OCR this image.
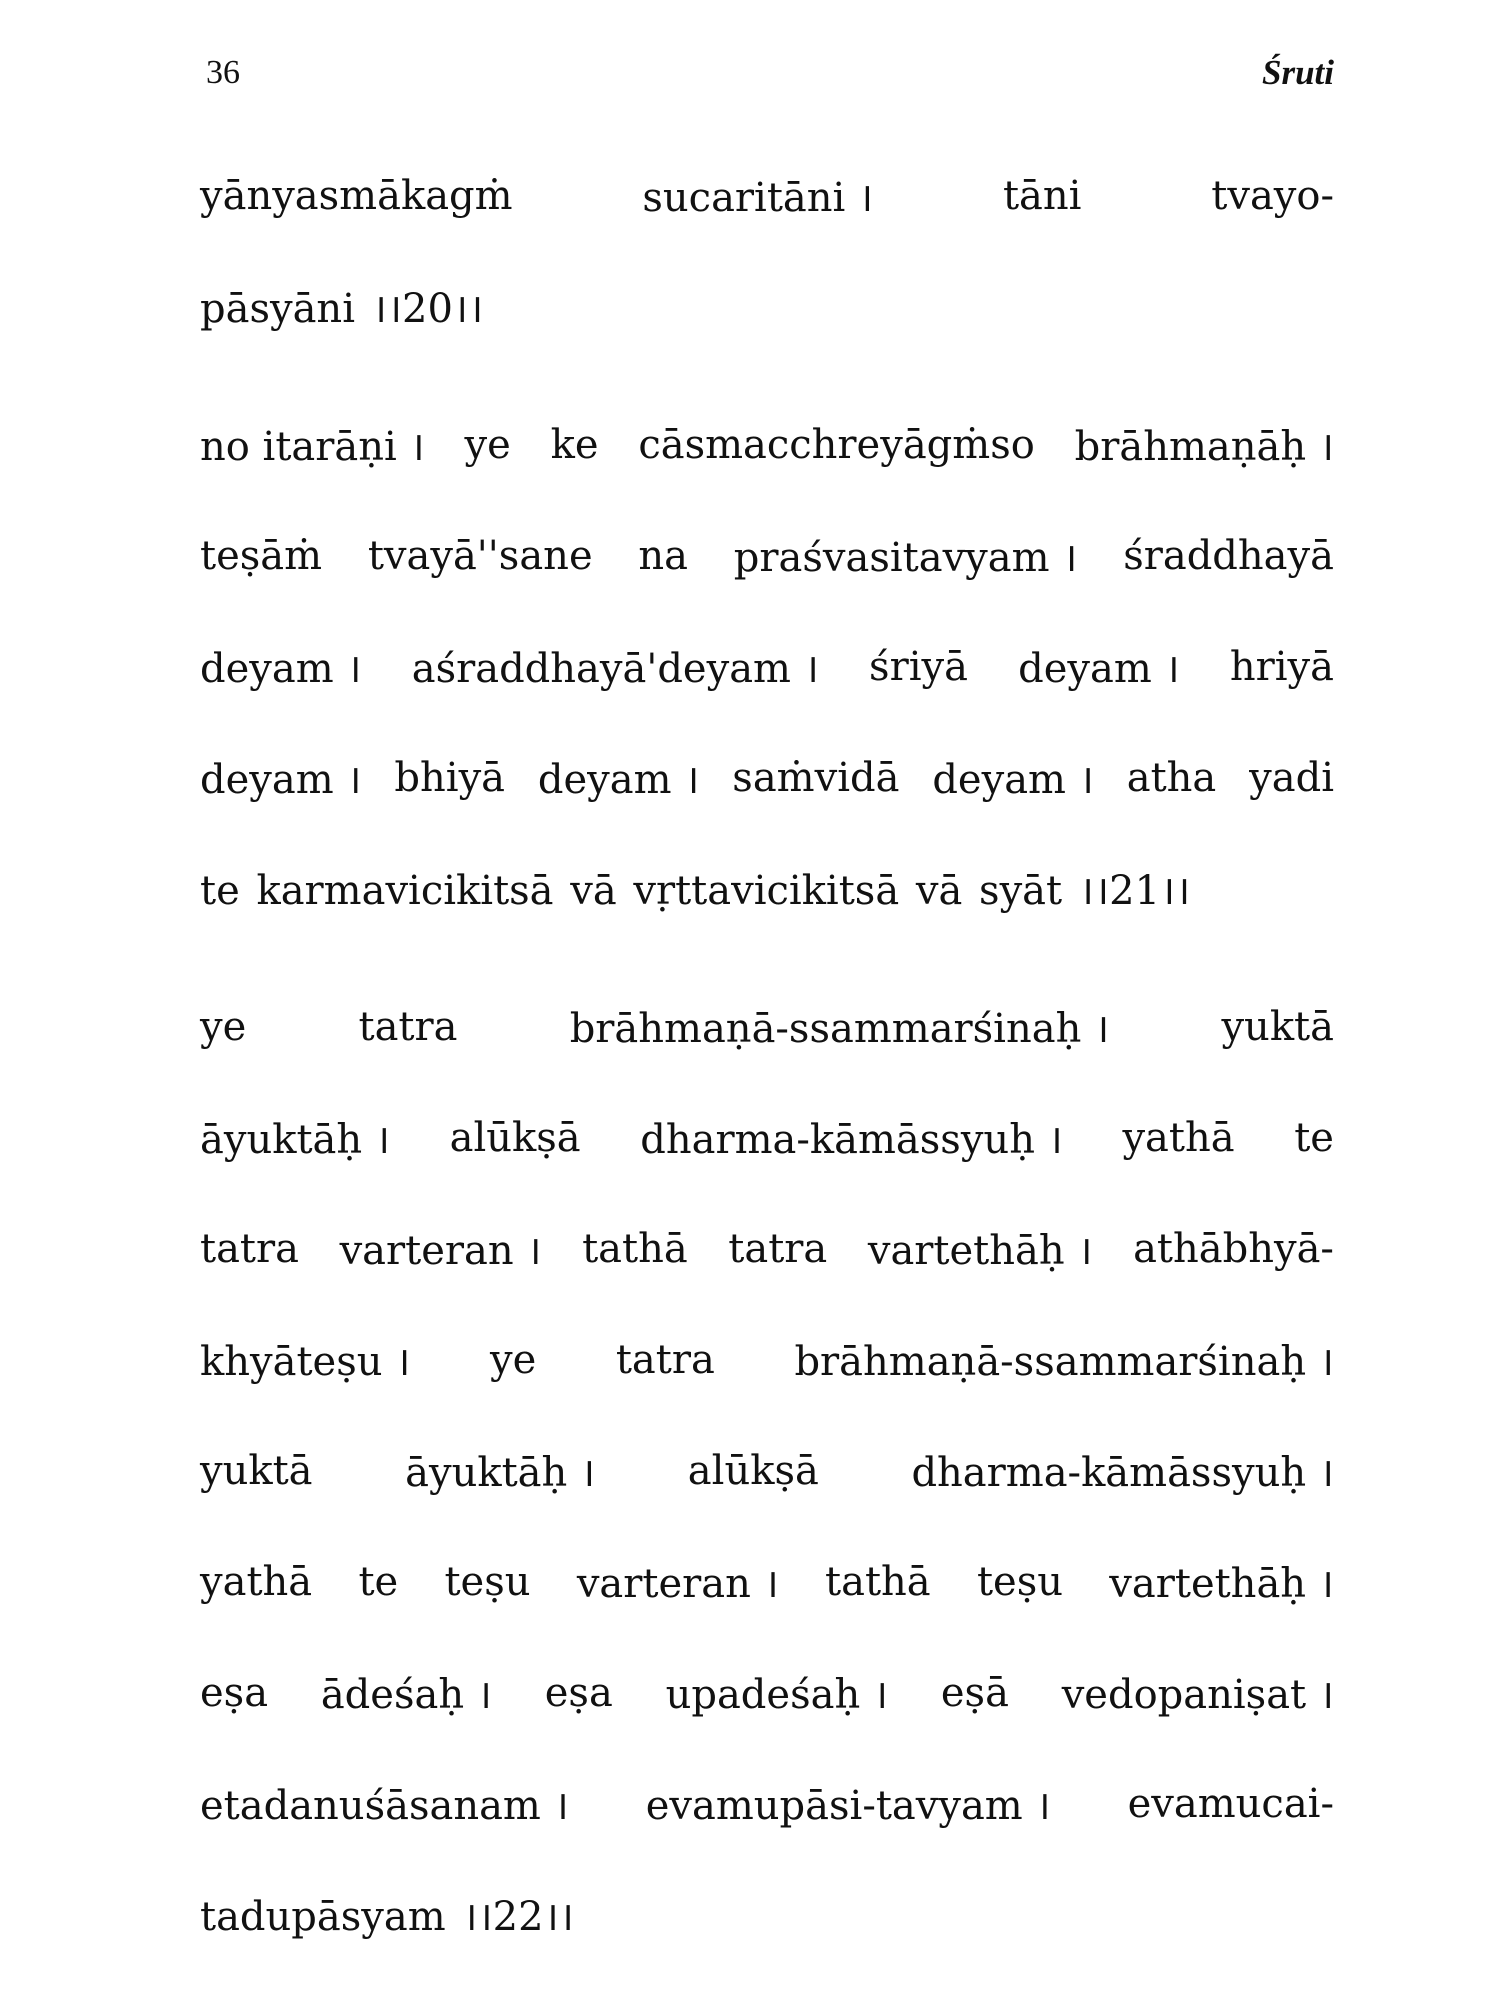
36	Śruti
yānyasmākagṁ	sucaritāni ।	tāni	tvayo-
pāsyāni ।।20।।
no itarāṇi । ye ke cāsmacchreyāgṁso brāhmaṇāḥ ।
teṣāṁ tvayā''sane na praśvasitavyam । śraddhayā
deyam । aśraddhayā'deyam । śriyā deyam । hriyā
deyam । bhiyā deyam । saṁvidā deyam । atha yadi
te karmavicikitsā vā vṛttavicikitsā vā syāt ।।21।।
ye	tatra	brāhmaṇā-ssammarśinaḥ ।	yuktā
āyuktāḥ । alūkṣā dharma-kāmāssyuḥ । yathā te
tatra varteran । tathā tatra vartethāḥ । athābhyā-
khyāteṣu । ye tatra brāhmaṇā-ssammarśinaḥ ।
yuktā āyuktāḥ । alūkṣā dharma-kāmāssyuḥ ।
yathā te teṣu varteran । tathā teṣu vartethāḥ ।
eṣa ādeśaḥ । eṣa upadeśaḥ । eṣā vedopaniṣat ।
etadanuśāsanam । evamupāsi-tavyam । evamucai-
tadupāsyam ।।22।।
